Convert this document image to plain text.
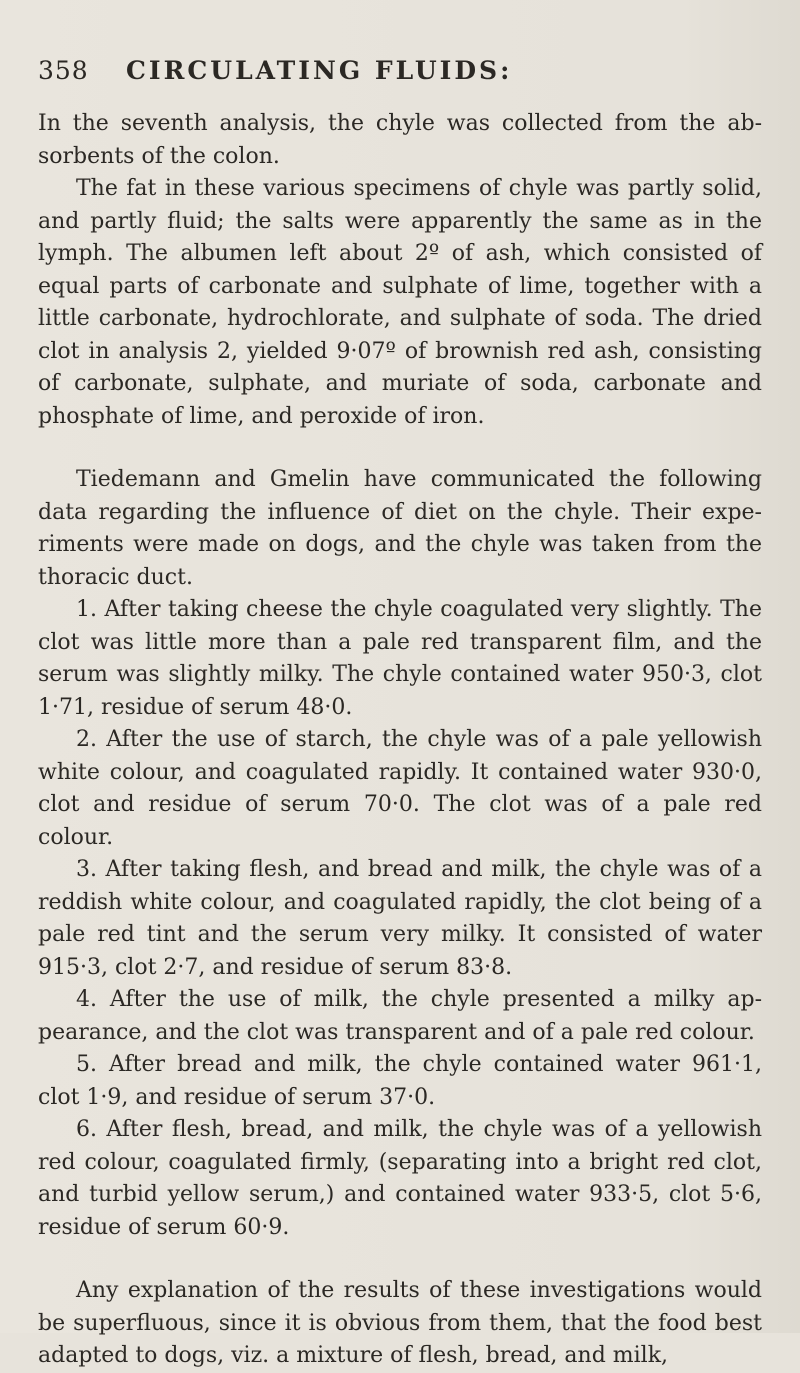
358 CIRCULATING FLUIDS:

In the seventh analysis, the chyle was collected from the ab-sorbents of the colon.

The fat in these various specimens of chyle was partly solid, and partly fluid; the salts were apparently the same as in the lymph. The albumen left about 2º of ash, which consisted of equal parts of carbonate and sulphate of lime, together with a little carbonate, hydrochlorate, and sulphate of soda. The dried clot in analysis 2, yielded 9·07º of brownish red ash, consisting of carbonate, sulphate, and muriate of soda, carbonate and phosphate of lime, and peroxide of iron.

Tiedemann and Gmelin have communicated the following data regarding the influence of diet on the chyle. Their expe-riments were made on dogs, and the chyle was taken from the thoracic duct.

1. After taking cheese the chyle coagulated very slightly. The clot was little more than a pale red transparent film, and the serum was slightly milky. The chyle contained water 950·3, clot 1·71, residue of serum 48·0.

2. After the use of starch, the chyle was of a pale yellowish white colour, and coagulated rapidly. It contained water 930·0, clot and residue of serum 70·0. The clot was of a pale red colour.

3. After taking flesh, and bread and milk, the chyle was of a reddish white colour, and coagulated rapidly, the clot being of a pale red tint and the serum very milky. It consisted of water 915·3, clot 2·7, and residue of serum 83·8.

4. After the use of milk, the chyle presented a milky ap-pearance, and the clot was transparent and of a pale red colour.

5. After bread and milk, the chyle contained water 961·1, clot 1·9, and residue of serum 37·0.

6. After flesh, bread, and milk, the chyle was of a yellowish red colour, coagulated firmly, (separating into a bright red clot, and turbid yellow serum,) and contained water 933·5, clot 5·6, residue of serum 60·9.

Any explanation of the results of these investigations would be superfluous, since it is obvious from them, that the food best adapted to dogs, viz. a mixture of flesh, bread, and milk,
